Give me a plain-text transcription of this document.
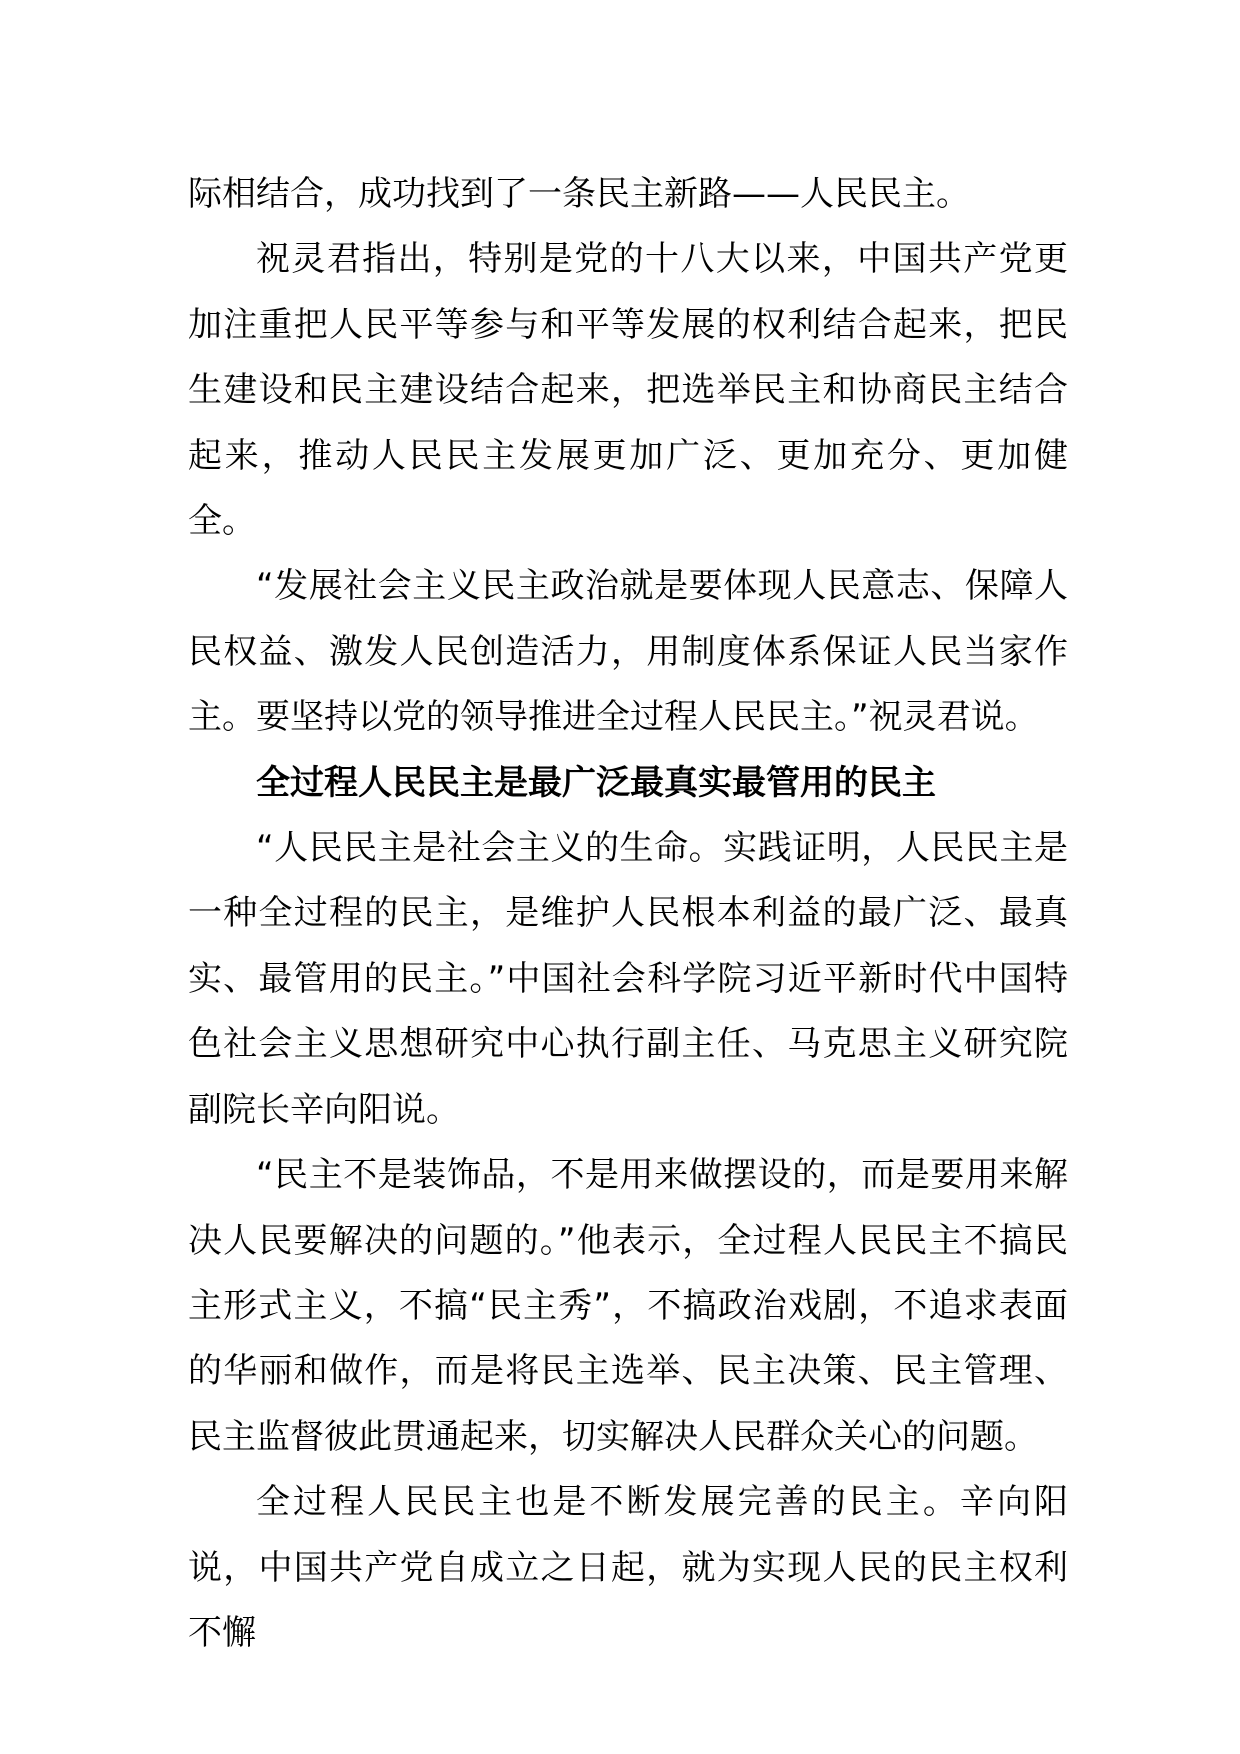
际相结合，成功找到了一条民主新路——人民民主。

祝灵君指出，特别是党的十八大以来，中国共产党更加注重把人民平等参与和平等发展的权利结合起来，把民生建设和民主建设结合起来，把选举民主和协商民主结合起来，推动人民民主发展更加广泛、更加充分、更加健全。

“发展社会主义民主政治就是要体现人民意志、保障人民权益、激发人民创造活力，用制度体系保证人民当家作主。要坚持以党的领导推进全过程人民民主。”祝灵君说。

全过程人民民主是最广泛最真实最管用的民主

“人民民主是社会主义的生命。实践证明，人民民主是一种全过程的民主，是维护人民根本利益的最广泛、最真实、最管用的民主。”中国社会科学院习近平新时代中国特色社会主义思想研究中心执行副主任、马克思主义研究院副院长辛向阳说。

“民主不是装饰品，不是用来做摆设的，而是要用来解决人民要解决的问题的。”他表示，全过程人民民主不搞民主形式主义，不搞“民主秀”，不搞政治戏剧，不追求表面的华丽和做作，而是将民主选举、民主决策、民主管理、民主监督彼此贯通起来，切实解决人民群众关心的问题。

全过程人民民主也是不断发展完善的民主。辛向阳说，中国共产党自成立之日起，就为实现人民的民主权利不懈
